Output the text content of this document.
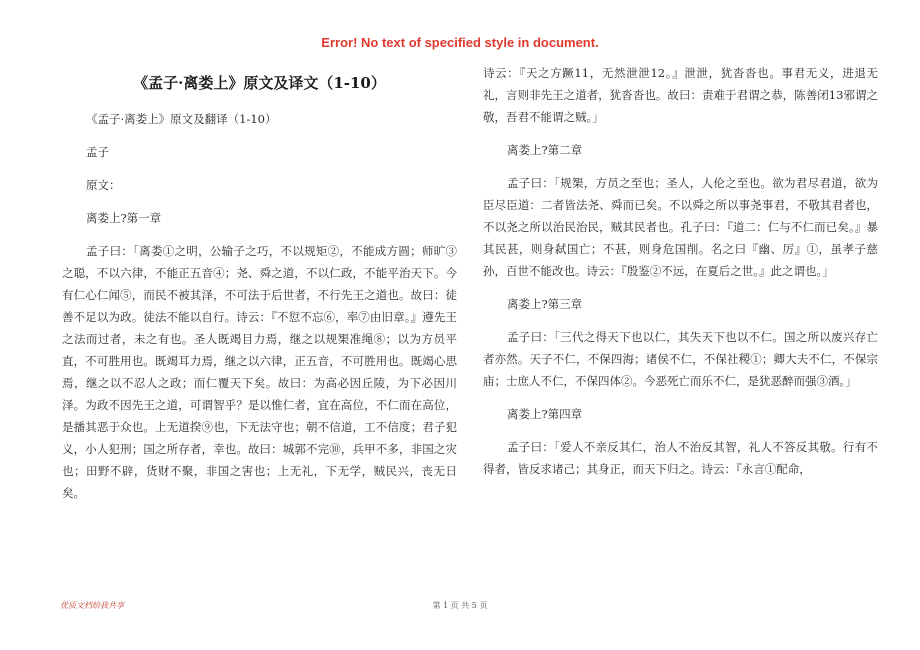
Error! No text of specified style in document.
《孟子·离娄上》原文及译文（1-10）
《孟子·离娄上》原文及翻译（1-10）
孟子
原文：
离娄上?第一章
孟子曰：「离娄①之明，公输子之巧，不以规矩②，不能成方圆；师旷③之聪，不以六律，不能正五音④；尧、舜之道，不以仁政，不能平治天下。今有仁心仁闻⑤，而民不被其泽，不可法于后世者，不行先王之道也。故曰：徒善不足以为政。徒法不能以自行。诗云：『不愆不忘⑥，率⑦由旧章。』遵先王之法而过者，未之有也。圣人既竭目力焉，继之以规榘准绳⑧；以为方员平直，不可胜用也。既竭耳力焉，继之以六律，正五音，不可胜用也。既竭心思焉，继之以不忍人之政；而仁覆天下矣。故曰：为高必因丘陵，为下必因川泽。为政不因先王之道，可谓智乎？是以惟仁者，宜在高位，不仁而在高位，是播其恶于众也。上无道揆⑨也，下无法守也；朝不信道，工不信度；君子犯义，小人犯刑；国之所存者，幸也。故曰：城郭不完⑩，兵甲不多，非国之灾也；田野不辟，货财不聚，非国之害也；上无礼，下无学，贼民兴，丧无日矣。
诗云：『天之方蹶11，无然泄泄12。』泄泄，犹沓沓也。事君无义，进退无礼，言则非先王之道者，犹沓沓也。故曰：责难于君谓之恭，陈善闭13邪谓之敬，吾君不能谓之贼。」
离娄上?第二章
孟子曰：「规榘，方员之至也；圣人，人伦之至也。欲为君尽君道，欲为臣尽臣道：二者皆法尧、舜而已矣。不以舜之所以事尧事君，不敬其君者也，不以尧之所以治民治民，贼其民者也。孔子曰：『道二：仁与不仁而已矣。』暴其民甚，则身弑国亡；不甚，则身危国削。名之曰『幽、厉』①，虽孝子慈孙，百世不能改也。诗云：『殷鉴②不远，在夏后之世。』此之谓也。」
离娄上?第三章
孟子曰：「三代之得天下也以仁，其失天下也以不仁。国之所以废兴存亡者亦然。天子不仁，不保四海；诸侯不仁，不保社稷①；卿大夫不仁，不保宗庙；士庶人不仁，不保四体②。今恶死亡而乐不仁，是犹恶醉而强③酒。」
离娄上?第四章
孟子曰：「爱人不亲反其仁，治人不治反其智，礼人不答反其敬。行有不得者，皆反求诸己；其身正，而天下归之。诗云：『永言①配命，
优质文档给我共享	第 1 页 共 5 页
